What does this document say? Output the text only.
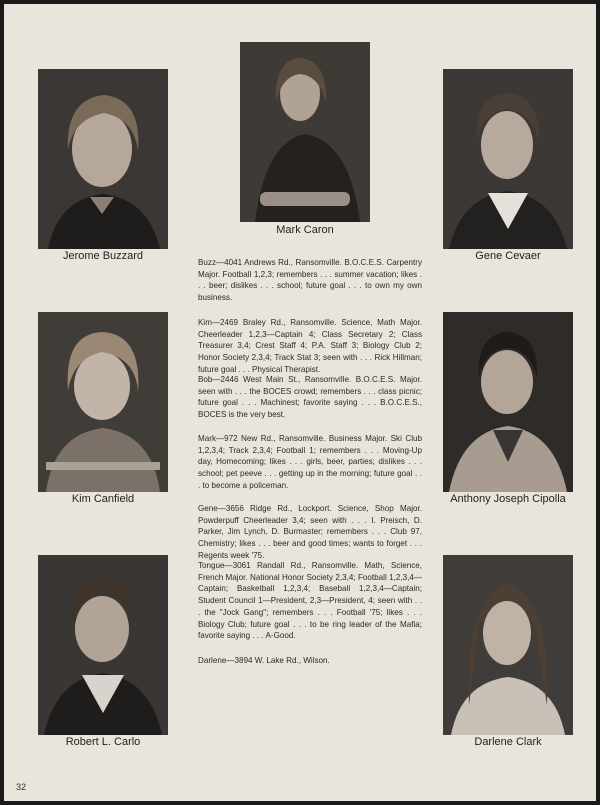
Jerome Buzzard
Mark Caron
Gene Cevaer
Kim Canfield	Anthony Joseph Cipolla
Robert L. Carlo	Darlene Clark
Buzz—4041 Andrews Rd., Ransomville. B.O.C.E.S. Carpentry Major. Football 1,2,3; remembers . . . summer vacation; likes . . . beer; dislikes . . . school; future goal . . . to own my own business.
Kim—2469 Braley Rd., Ransomville. Science, Math Major. Cheerleader 1,2,3—Captain 4; Class Secretary 2; Class Treasurer 3,4; Crest Staff 4; P.A. Staff 3; Biology Club 2; Honor Society 2,3,4; Track Stat 3; seen with . . . Rick Hillman; future goal . . . Physical Therapist.
Bob—2446 West Main St., Ransomville. B.O.C.E.S. Major. seen with . . . the BOCES crowd; remembers . . . class picnic; future goal . . . Machinest; favorite saying . . . B.O.C.E.S., BOCES is the very best.
Mark—972 New Rd., Ransomville. Business Major. Ski Club 1,2,3,4; Track 2,3,4; Football 1; remembers . . . Moving-Up day, Homecoming; likes . . . girls, beer, parties; dislikes . . . school; pet peeve . . . getting up in the morning; future goal . . . to become a policeman.
Gene—3656 Ridge Rd., Lockport. Science, Shop Major. Powderpuff Cheerleader 3,4; seen with . . . I. Preisch, D. Parker, Jim Lynch, D. Burmaster; remembers . . . Club 97, Chemistry; likes . . . beer and good times; wants to forget . . . Regents week '75.
Tongue—3061 Randall Rd., Ransomville. Math, Science, French Major. National Honor Society 2,3,4; Football 1,2,3,4—Captain; Basketball 1,2,3,4; Baseball 1,2,3,4—Captain; Student Council 1—President, 2,3—President, 4; seen with . . . the "Jock Gang"; remembers . . . Football '75; likes . . . Biology Club; future goal . . . to be ring leader of the Mafia; favorite saying . . . A-Good.
Darlene—3894 W. Lake Rd., Wilson.
32
